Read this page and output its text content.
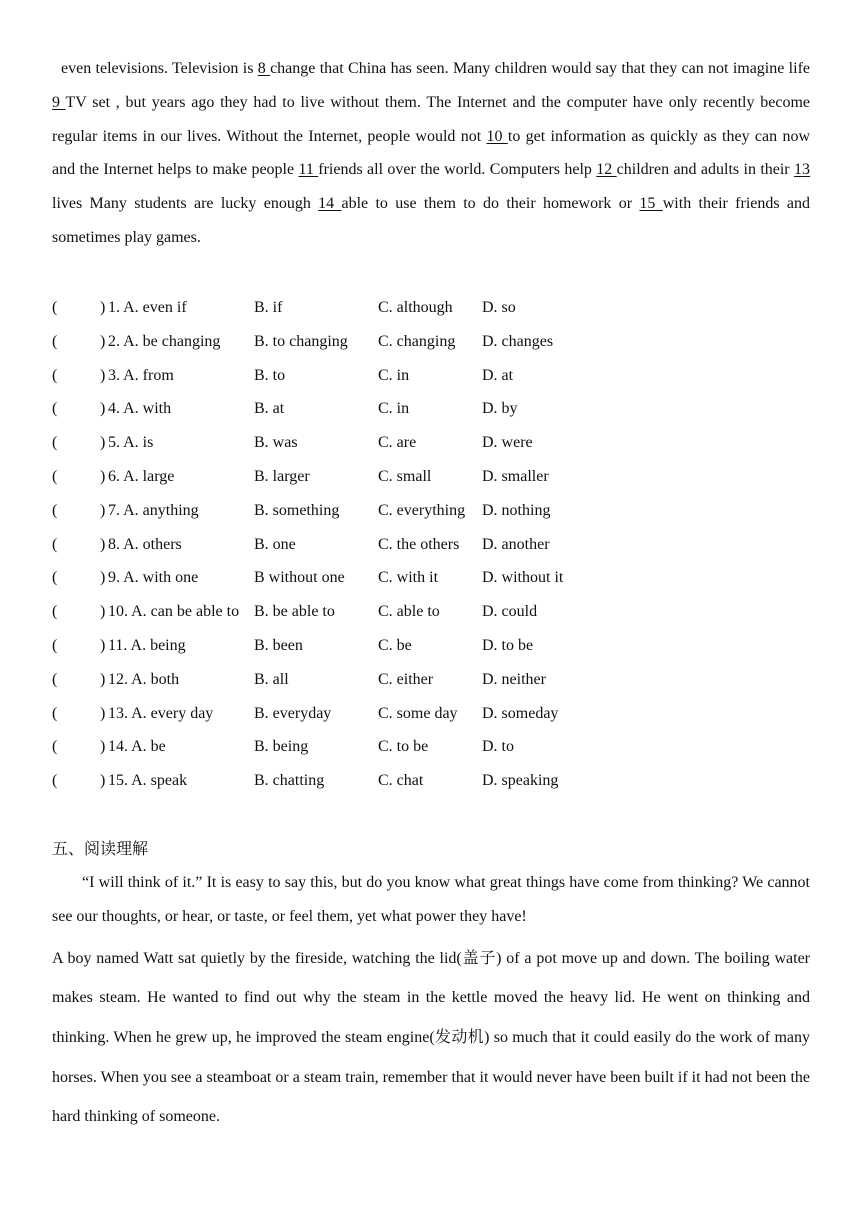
even televisions. Television is 8 change that China has seen. Many children would say that they can not imagine life 9 TV set , but years ago they had to live without them. The Internet and the computer have only recently become regular items in our lives. Without the Internet, people would not 10 to get information as quickly as they can now and the Internet helps to make people 11 friends all over the world. Computers help 12 children and adults in their 13 lives Many students are lucky enough 14 able to use them to do their homework or 15 with their friends and sometimes play games.
(	) 1. A. even if	B. if	C. although D. so
(	) 2. A. be changing B. to changing C. changing D. changes
(	) 3. A. from	B. to	C. in	D. at
(	) 4. A. with	B. at	C. in	D. by
(	) 5. A. is	B. was	C. are	D. were
(	) 6. A. large	B. larger	C. small	D. smaller
(	) 7. A. anything	B. something C. everything D. nothing
(	) 8. A. others	B. one	C. the others D. another
(	) 9. A. with one	B without one C. with it	D. without it
(	) 10. A. can be able to B. be able to	C. able to	D. could
(	) 11. A. being	B. been	C. be	D. to be
(	) 12. A. both	B. all	C. either	D. neither
(	) 13. A. every day	B. everyday	C. some day D. someday
(	) 14. A. be	B. being	C. to be	D. to
(	) 15. A. speak	B. chatting	C. chat	D. speaking
五、阅读理解
“I will think of it.” It is easy to say this, but do you know what great things have come from thinking? We cannot see our thoughts, or hear, or taste, or feel them, yet what power they have!
A boy named Watt sat quietly by the fireside, watching the lid(盖子) of a pot move up and down. The boiling water makes steam. He wanted to find out why the steam in the kettle moved the heavy lid. He went on thinking and thinking. When he grew up, he improved the steam engine(发动机) so much that it could easily do the work of many horses. When you see a steamboat or a steam train, remember that it would never have been built if it had not been the hard thinking of someone.
